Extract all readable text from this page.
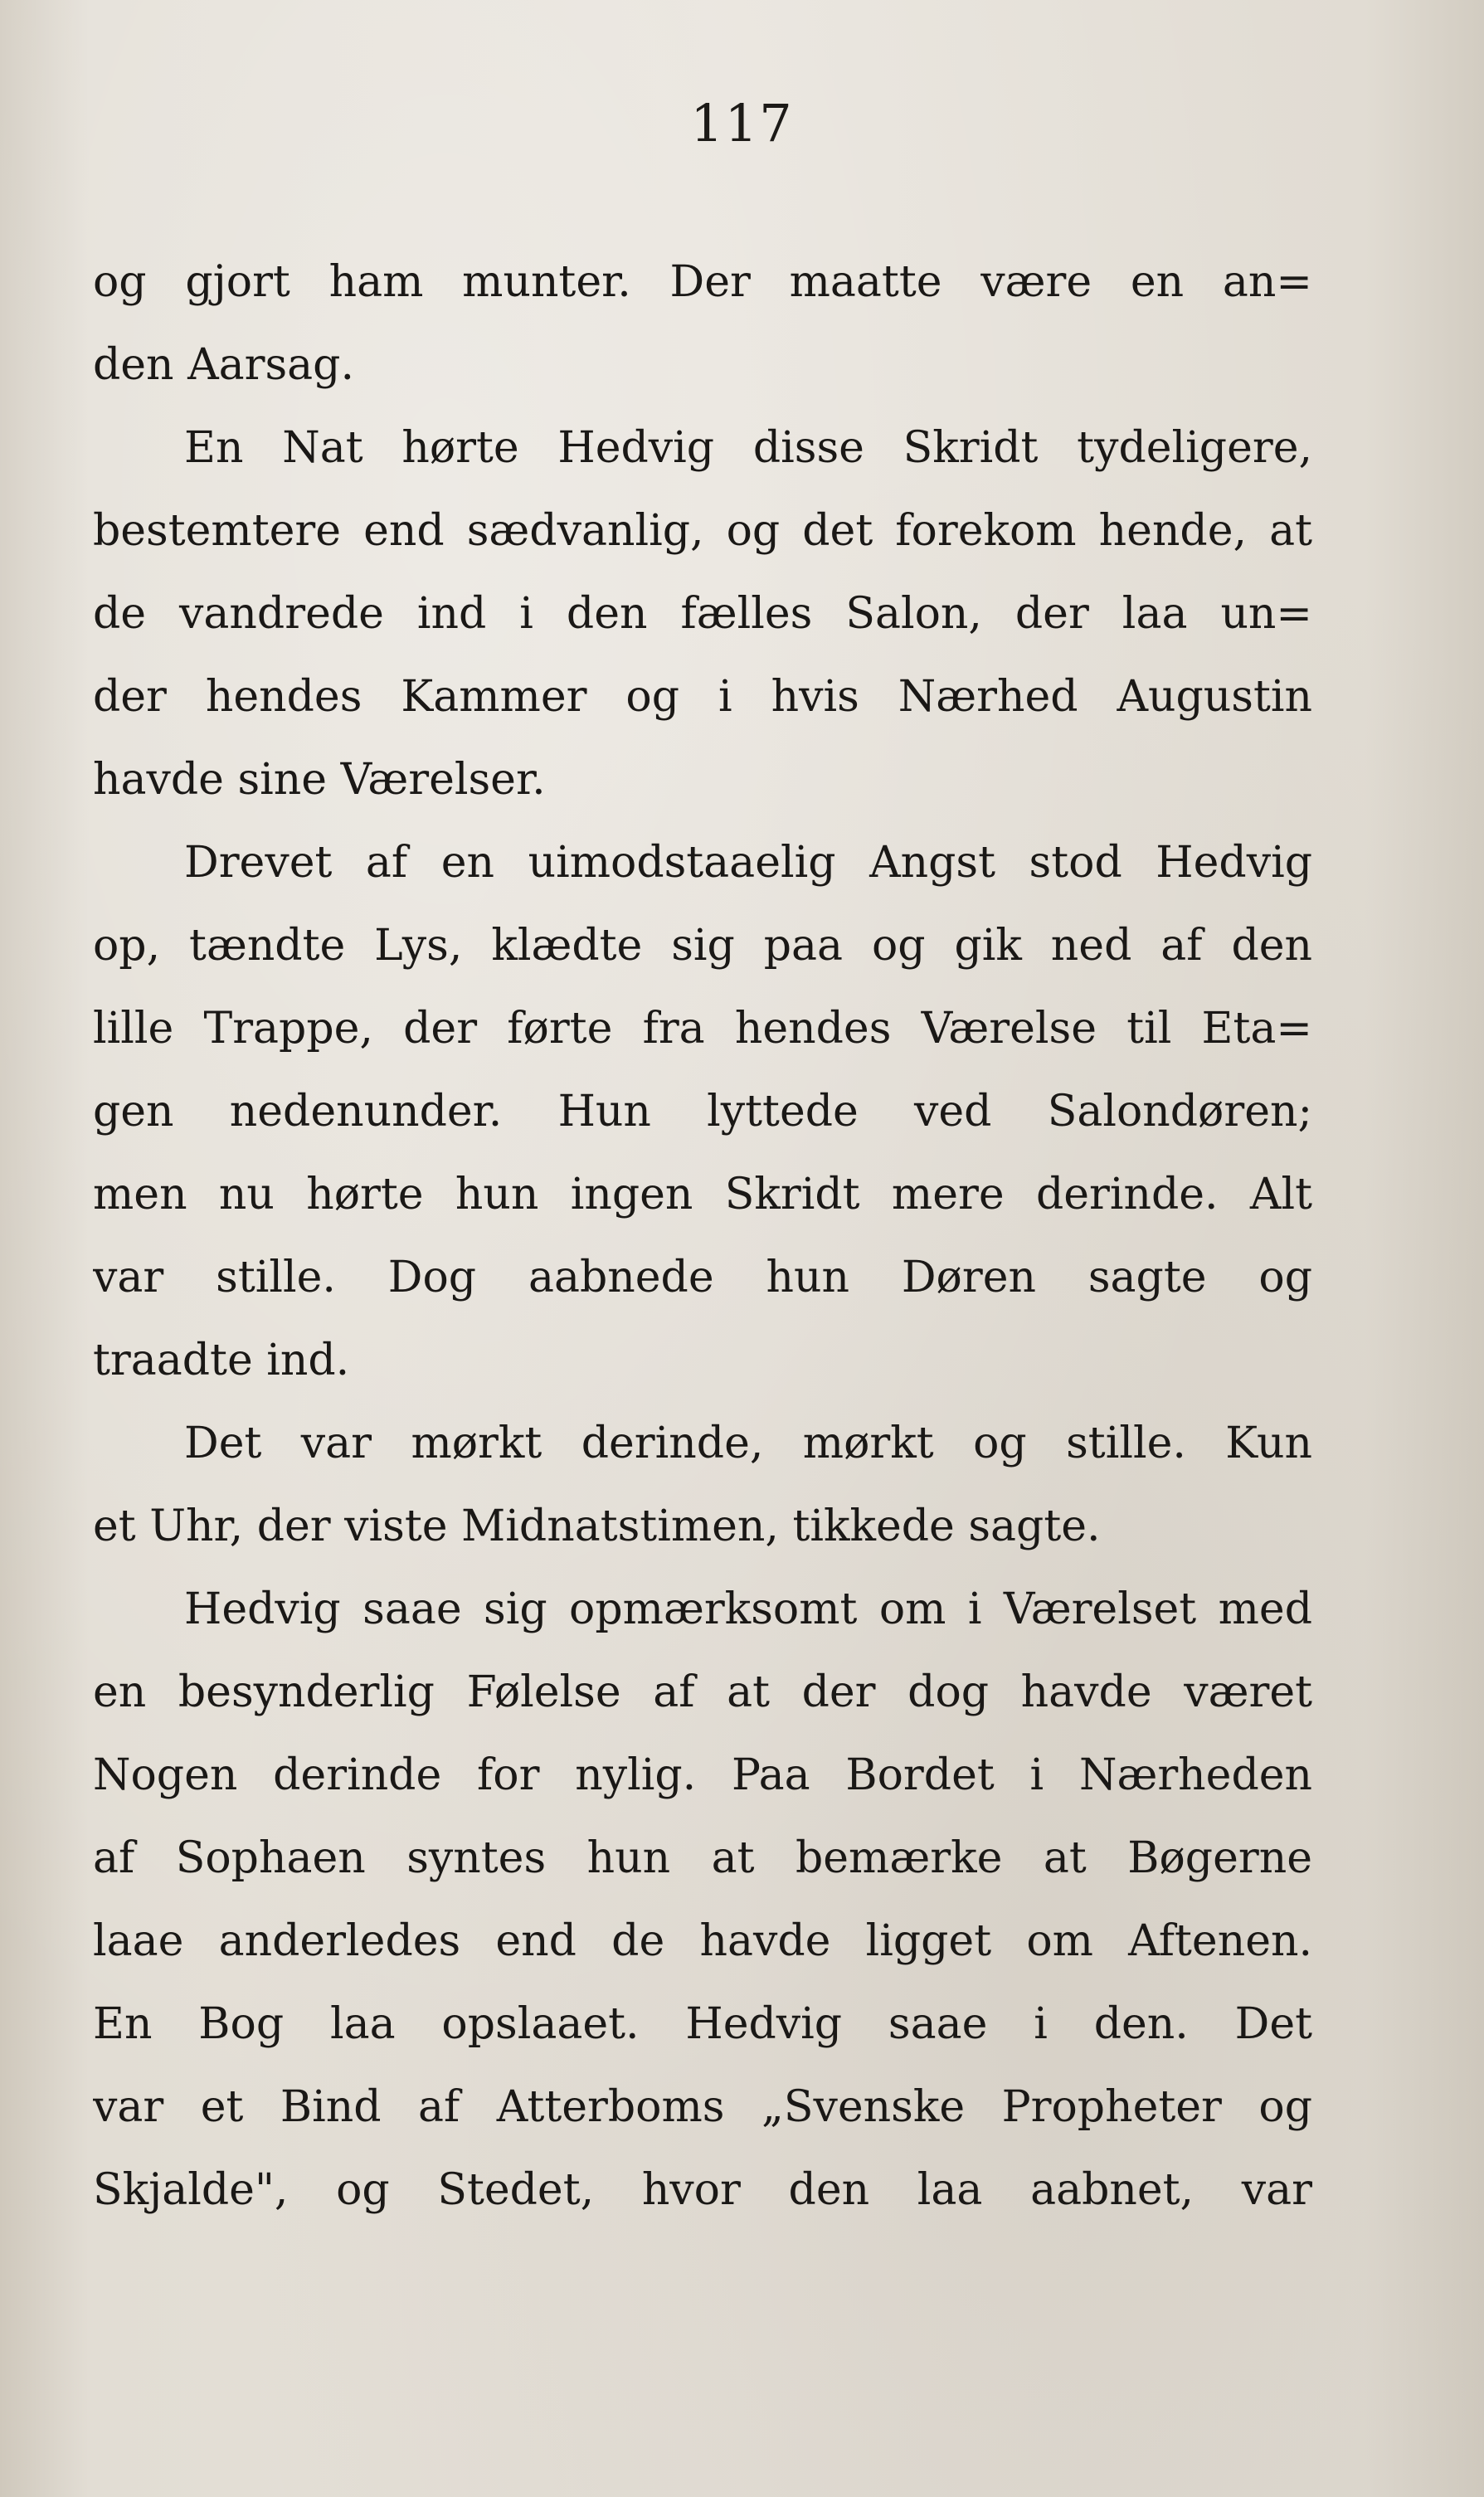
117
og gjort ham munter. Der maatte være en an=
den Aarsag.
En Nat hørte Hedvig disse Skridt tydeligere,
bestemtere end sædvanlig, og det forekom hende, at
de vandrede ind i den fælles Salon, der laa un=
der hendes Kammer og i hvis Nærhed Augustin
havde sine Værelser.
Drevet af en uimodstaaelig Angst stod Hedvig
op, tændte Lys, klædte sig paa og gik ned af den
lille Trappe, der førte fra hendes Værelse til Eta=
gen nedenunder. Hun lyttede ved Salondøren;
men nu hørte hun ingen Skridt mere derinde. Alt
var stille. Dog aabnede hun Døren sagte og
traadte ind.
Det var mørkt derinde, mørkt og stille. Kun
et Uhr, der viste Midnatstimen, tikkede sagte.
Hedvig saae sig opmærksomt om i Værelset med
en besynderlig Følelse af at der dog havde været
Nogen derinde for nylig. Paa Bordet i Nærheden
af Sophaen syntes hun at bemærke at Bøgerne
laae anderledes end de havde ligget om Aftenen.
En Bog laa opslaaet. Hedvig saae i den. Det
var et Bind af Atterboms „Svenske Propheter og
Skjalde", og Stedet, hvor den laa aabnet, var
